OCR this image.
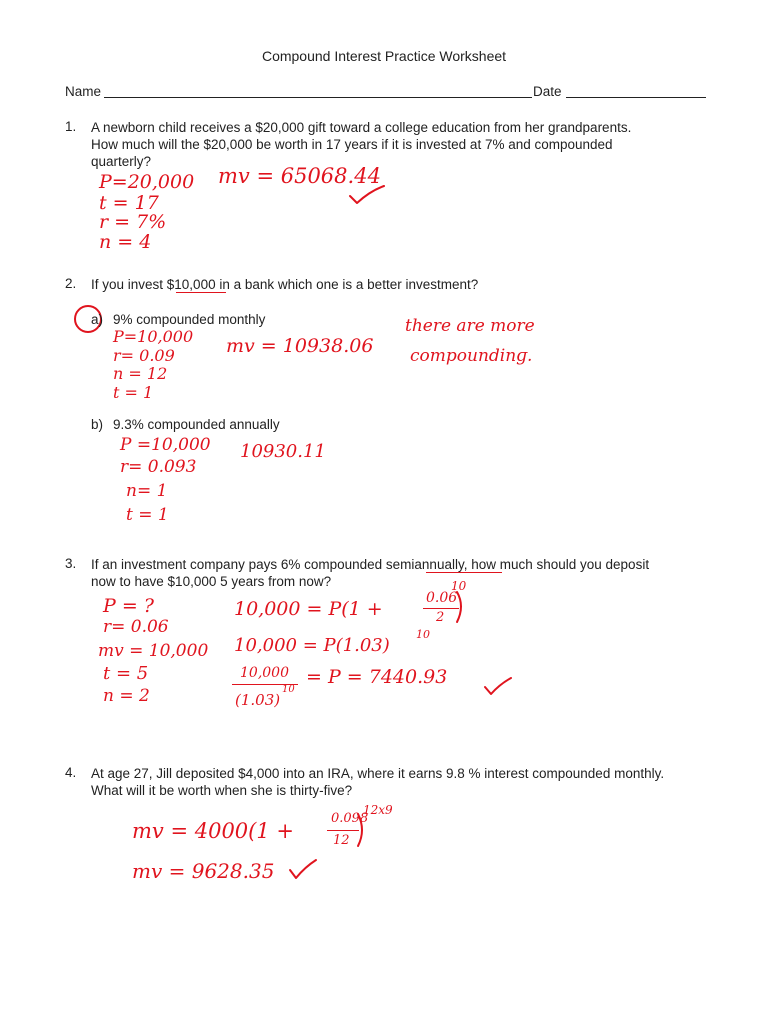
Compound Interest Practice Worksheet
Name	Date
1. A newborn child receives a $20,000 gift toward a college education from her grandparents.
How much will the $20,000 be worth in 17 years if it is invested at 7% and compounded
quarterly?
P=20,000
t = 17
r = 7%
n = 4
mv = 65068.44
2. If you invest $10,000 in a bank which one is a better investment?
a) 9% compounded monthly
P=10,000
r= 0.09
n = 12
t = 1
mv = 10938.06
there are more
compoundinɡ.
b) 9.3% compounded annually
P =10,000
r= 0.093
n= 1
t = 1
10930.11
3. If an investment company pays 6% compounded semiannually, how much should you deposit
now to have $10,000 5 years from now?
P = ?
r= 0.06
mv = 10,000
t = 5
n = 2
10,000 = P(1 +	0.06
2
10
10,000 = P(1.03)
10
10,000
(1.03)
10
= P = 7440.93
4. At age 27, Jill deposited $4,000 into an IRA, where it earns 9.8 % interest compounded monthly.
What will it be worth when she is thirty-five?
mv = 4000(1 +
0.098
12
12x9
mv = 9628.35
